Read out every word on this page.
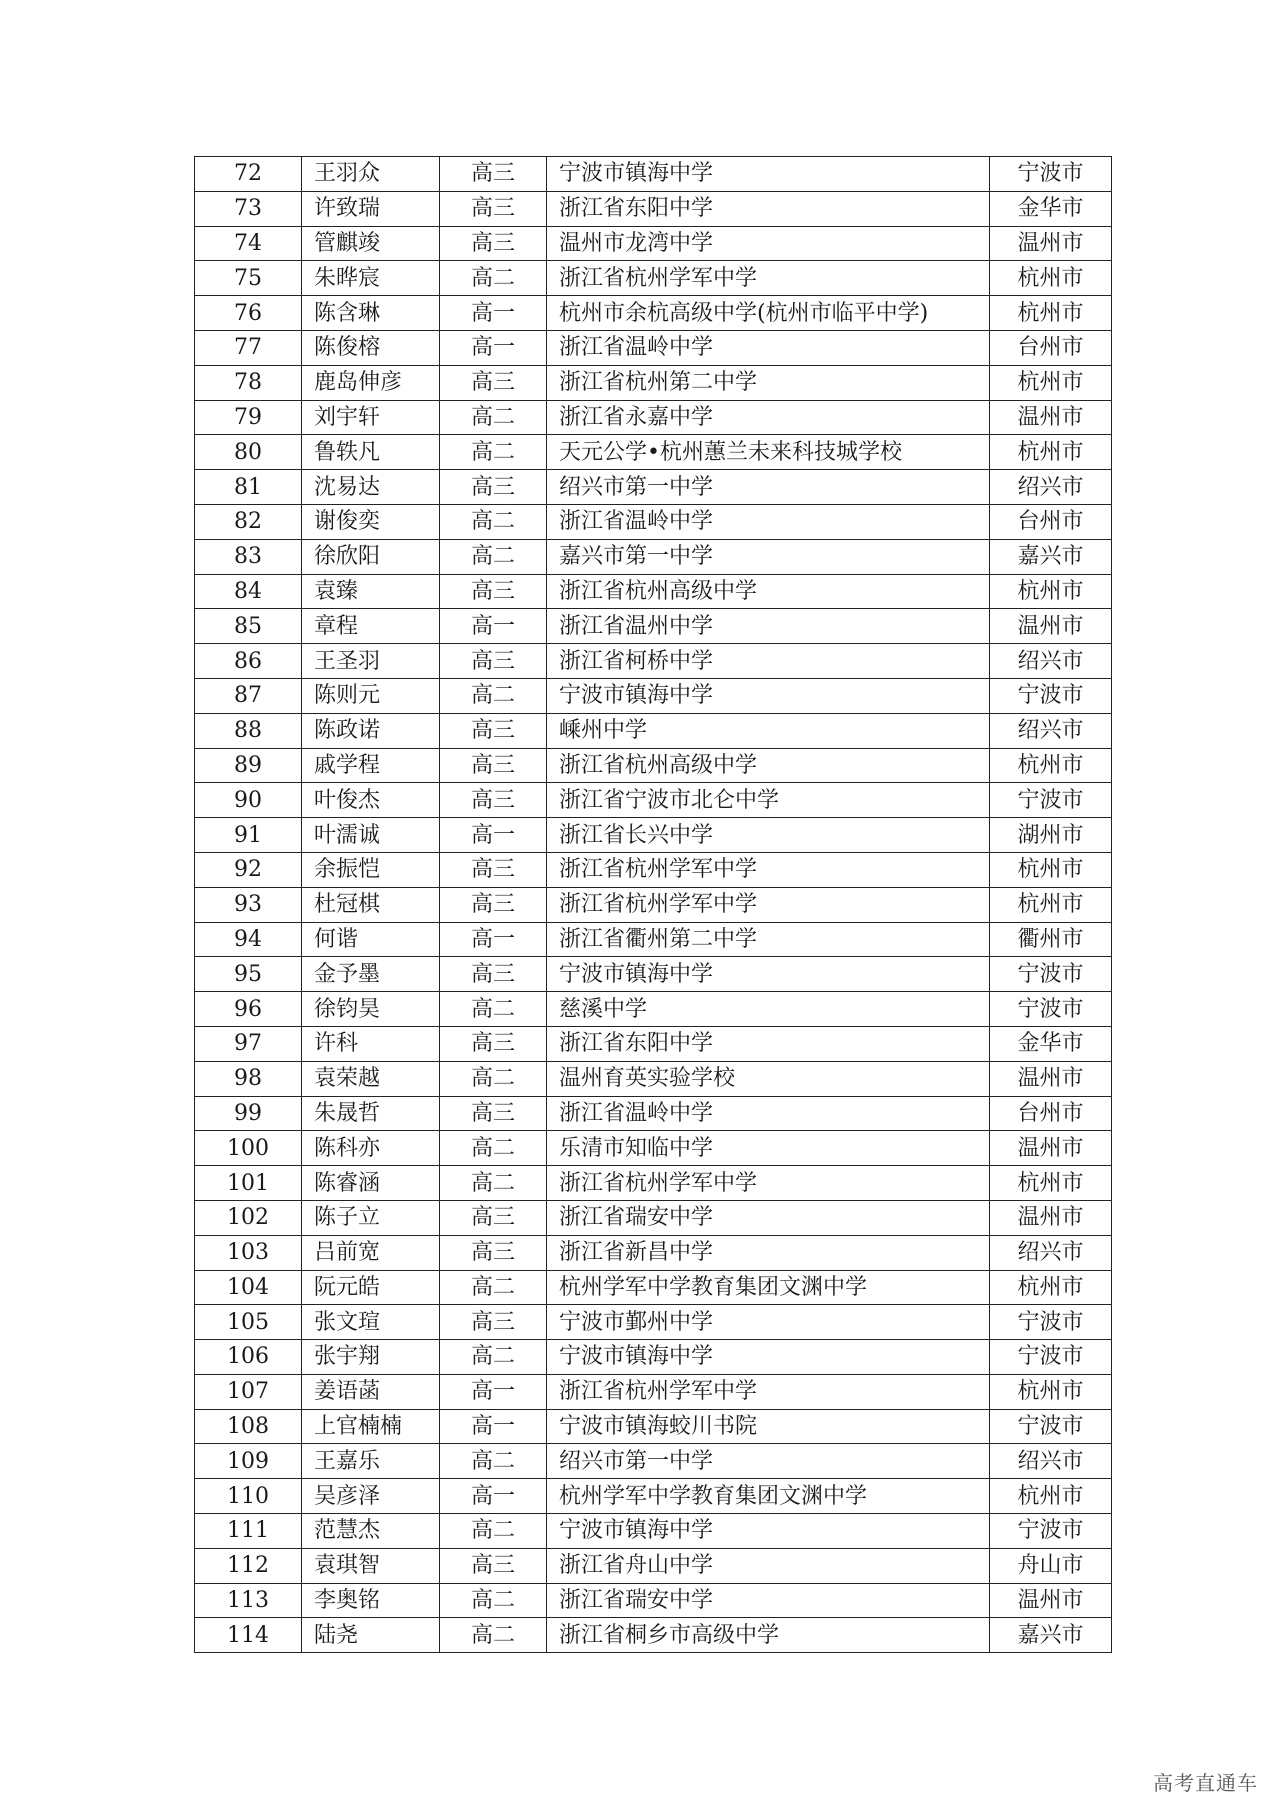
72	王羽众	高三	宁波市镇海中学	宁波市
73	许致瑞	高三	浙江省东阳中学	金华市
74	管麒竣	高三	温州市龙湾中学	温州市
75	朱晔宸	高二	浙江省杭州学军中学	杭州市
76	陈含琳	高一	杭州市余杭高级中学(杭州市临平中学)	杭州市
77	陈俊榕	高一	浙江省温岭中学	台州市
78	鹿岛伸彦	高三	浙江省杭州第二中学	杭州市
79	刘宇轩	高二	浙江省永嘉中学	温州市
80	鲁轶凡	高二	天元公学•杭州蕙兰未来科技城学校	杭州市
81	沈易达	高三	绍兴市第一中学	绍兴市
82	谢俊奕	高二	浙江省温岭中学	台州市
83	徐欣阳	高二	嘉兴市第一中学	嘉兴市
84	袁臻	高三	浙江省杭州高级中学	杭州市
85	章程	高一	浙江省温州中学	温州市
86	王圣羽	高三	浙江省柯桥中学	绍兴市
87	陈则元	高二	宁波市镇海中学	宁波市
88	陈政诺	高三	嵊州中学	绍兴市
89	戚学程	高三	浙江省杭州高级中学	杭州市
90	叶俊杰	高三	浙江省宁波市北仑中学	宁波市
91	叶濡诚	高一	浙江省长兴中学	湖州市
92	余振恺	高三	浙江省杭州学军中学	杭州市
93	杜冠棋	高三	浙江省杭州学军中学	杭州市
94	何谐	高一	浙江省衢州第二中学	衢州市
95	金予墨	高三	宁波市镇海中学	宁波市
96	徐钧昊	高二	慈溪中学	宁波市
97	许科	高三	浙江省东阳中学	金华市
98	袁荣越	高二	温州育英实验学校	温州市
99	朱晟哲	高三	浙江省温岭中学	台州市
100	陈科亦	高二	乐清市知临中学	温州市
101	陈睿涵	高二	浙江省杭州学军中学	杭州市
102	陈子立	高三	浙江省瑞安中学	温州市
103	吕前宽	高三	浙江省新昌中学	绍兴市
104	阮元皓	高二	杭州学军中学教育集团文渊中学	杭州市
105	张文瑄	高三	宁波市鄞州中学	宁波市
106	张宇翔	高二	宁波市镇海中学	宁波市
107	姜语菡	高一	浙江省杭州学军中学	杭州市
108	上官楠楠	高一	宁波市镇海蛟川书院	宁波市
109	王嘉乐	高二	绍兴市第一中学	绍兴市
110	吴彦泽	高一	杭州学军中学教育集团文渊中学	杭州市
111	范慧杰	高二	宁波市镇海中学	宁波市
112	袁琪智	高三	浙江省舟山中学	舟山市
113	李奥铭	高二	浙江省瑞安中学	温州市
114	陆尧	高二	浙江省桐乡市高级中学	嘉兴市
高考直通车
